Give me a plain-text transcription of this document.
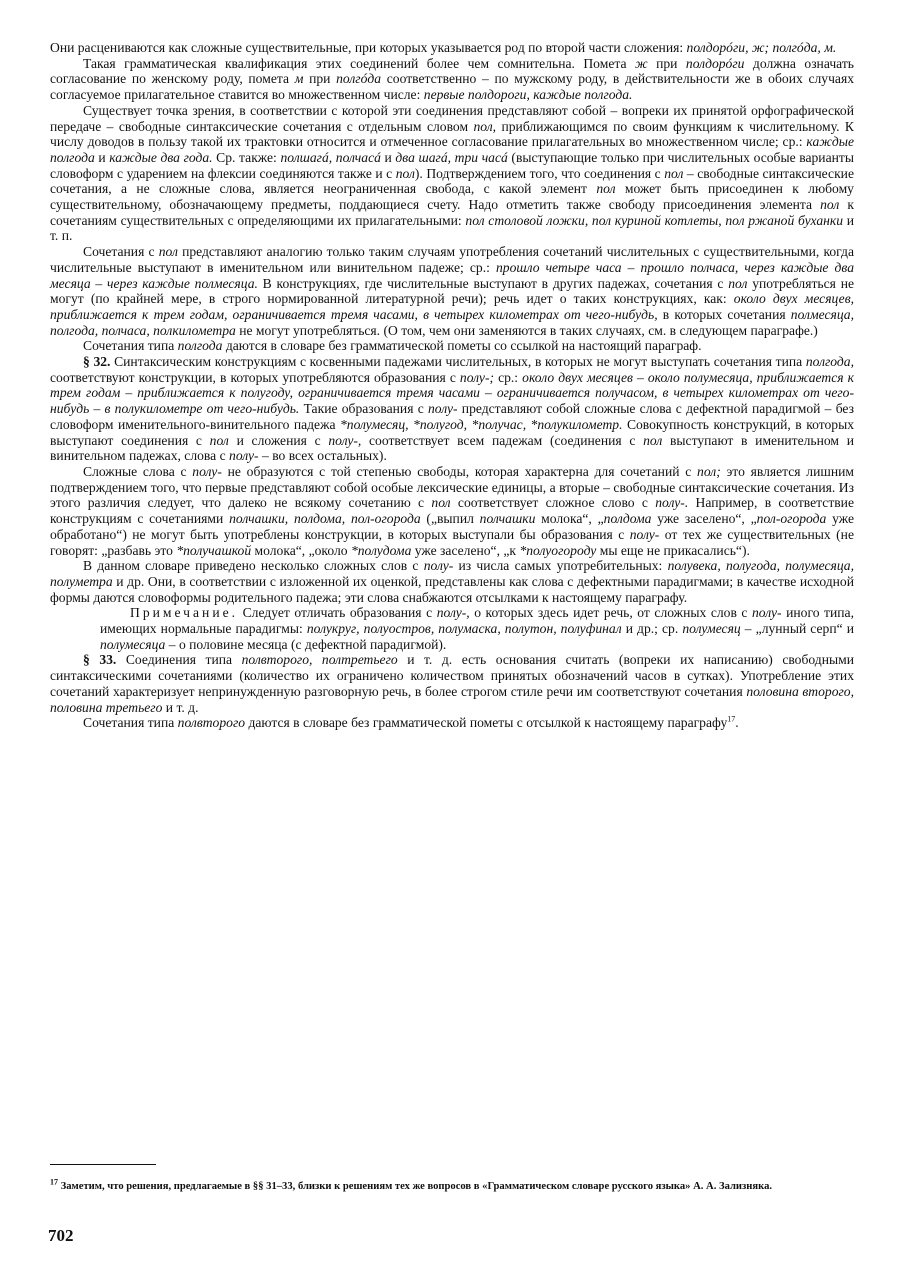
Они расцениваются как сложные существительные, при которых указывается род по второй части сложения: полдорóги, ж; полгóда, м.

Такая грамматическая квалификация этих соединений более чем сомнительна. Помета ж при полдорóги должна означать согласование по женскому роду, помета м при полгóда соответственно – по мужскому роду, в действительности же в обоих случаях согласуемое прилагательное ставится во множественном числе: первые полдороги, каждые полгода.

Существует точка зрения, в соответствии с которой эти соединения представляют собой – вопреки их принятой орфографической передаче – свободные синтаксические сочетания с отдельным словом пол, приближающимся по своим функциям к числительному. К числу доводов в пользу такой их трактовки относится и отмеченное согласование прилагательных во множественном числе; ср.: каждые полгода и каждые два года. Ср. также: полшагá, полчасá и два шагá, три часá (выступающие только при числительных особые варианты словоформ с ударением на флексии соединяются также и с пол). Подтверждением того, что соединения с пол – свободные синтаксические сочетания, а не сложные слова, является неограниченная свобода, с какой элемент пол может быть присоединен к любому существительному, обозначающему предметы, поддающиеся счету. Надо отметить также свободу присоединения элемента пол к сочетаниям существительных с определяющими их прилагательными: пол столовой ложки, пол куриной котлеты, пол ржаной буханки и т. п.

Сочетания с пол представляют аналогию только таким случаям употребления сочетаний числительных с существительными, когда числительные выступают в именительном или винительном падеже; ср.: прошло четыре часа – прошло полчаса, через каждые два месяца – через каждые полмесяца. В конструкциях, где числительные выступают в других падежах, сочетания с пол употребляться не могут (по крайней мере, в строго нормированной литературной речи); речь идет о таких конструкциях, как: около двух месяцев, приближается к трем годам, ограничивается тремя часами, в четырех километрах от чего-нибудь, в которых сочетания полмесяца, полгода, полчаса, полкилометра не могут употребляться. (О том, чем они заменяются в таких случаях, см. в следующем параграфе.)

Сочетания типа полгода даются в словаре без грамматической пометы со ссылкой на настоящий параграф.

§ 32. Синтаксическим конструкциям с косвенными падежами числительных, в которых не могут выступать сочетания типа полгода, соответствуют конструкции, в которых употребляются образования с полу-; ср.: около двух месяцев – около полумесяца, приближается к трем годам – приближается к полугоду, ограничивается тремя часами – ограничивается получасом, в четырех километрах от чего-нибудь – в полукилометре от чего-нибудь. Такие образования с полу- представляют собой сложные слова с дефектной парадигмой – без словоформ именительного-винительного падежа *полумесяц, *полугод, *получас, *полукилометр. Совокупность конструкций, в которых выступают соединения с пол и сложения с полу-, соответствует всем падежам (соединения с пол выступают в именительном и винительном падежах, слова с полу- – во всех остальных).

Сложные слова с полу- не образуются с той степенью свободы, которая характерна для сочетаний с пол; это является лишним подтверждением того, что первые представляют собой особые лексические единицы, а вторые – свободные синтаксические сочетания. Из этого различия следует, что далеко не всякому сочетанию с пол соответствует сложное слово с полу-. Например, в соответствие конструкциям с сочетаниями полчашки, полдома, пол-огорода („выпил полчашки молока“, „полдома уже заселено“, „пол-огорода уже обработано“) не могут быть употреблены конструкции, в которых выступали бы образования с полу- от тех же существительных (не говорят: „разбавь это *получашкой молока“, „около *полудома уже заселено“, „к *полуогороду мы еще не прикасались“).

В данном словаре приведено несколько сложных слов с полу- из числа самых употребительных: полувека, полугода, полумесяца, полуметра и др. Они, в соответствии с изложенной их оценкой, представлены как слова с дефектными парадигмами; в качестве исходной формы даются словоформы родительного падежа; эти слова снабжаются отсылками к настоящему параграфу.

Примечание. Следует отличать образования с полу-, о которых здесь идет речь, от сложных слов с полу- иного типа, имеющих нормальные парадигмы: полукруг, полуостров, полумаска, полутон, полуфинал и др.; ср. полумесяц – „лунный серп“ и полумесяца – о половине месяца (с дефектной парадигмой).

§ 33. Соединения типа полвторого, полтретьего и т. д. есть основания считать (вопреки их написанию) свободными синтаксическими сочетаниями (количество их ограничено количеством принятых обозначений часов в сутках). Употребление этих сочетаний характеризует непринужденную разговорную речь, в более строгом стиле речи им соответствуют сочетания половина второго, половина третьего и т. д.

Сочетания типа полвторого даются в словаре без грамматической пометы с отсылкой к настоящему параграфу$^{17}$.

$^{17}$ Заметим, что решения, предлагаемые в §§ 31–33, близки к решениям тех же вопросов в «Грамматическом словаре русского языка» А. А. Зализняка.
702
